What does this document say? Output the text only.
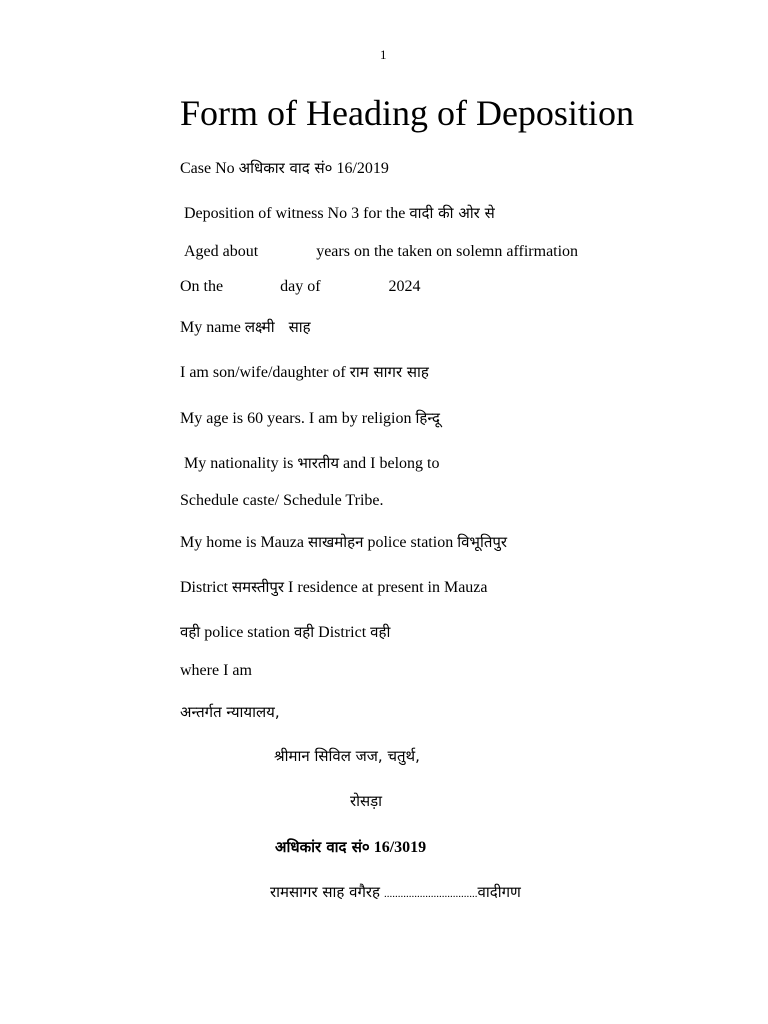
1
Form of Heading of Deposition
Case No अधिकार वाद सं० 16/2019
Deposition of witness No 3 for the वादी की ओर से
Aged about	years on the taken on solemn affirmation
On the	day of	2024
My name लक्ष्मी साह
I am son/wife/daughter of राम सागर साह
My age is 60 years. I am by religion हिन्दू
My nationality is भारतीय and I belong to
Schedule caste/ Schedule Tribe.
My home is Mauza साखमोहन police station विभूतिपुर
District समस्तीपुर I residence at present in Mauza
वही police station वही District वही
where I am
अन्तर्गत न्यायालय,
श्रीमान सिविल जज, चतुर्थ,
रोसड़ा
अधिकांर वाद सं० 16/3019
रामसागर साह वगैरह ..................................वादीगण
